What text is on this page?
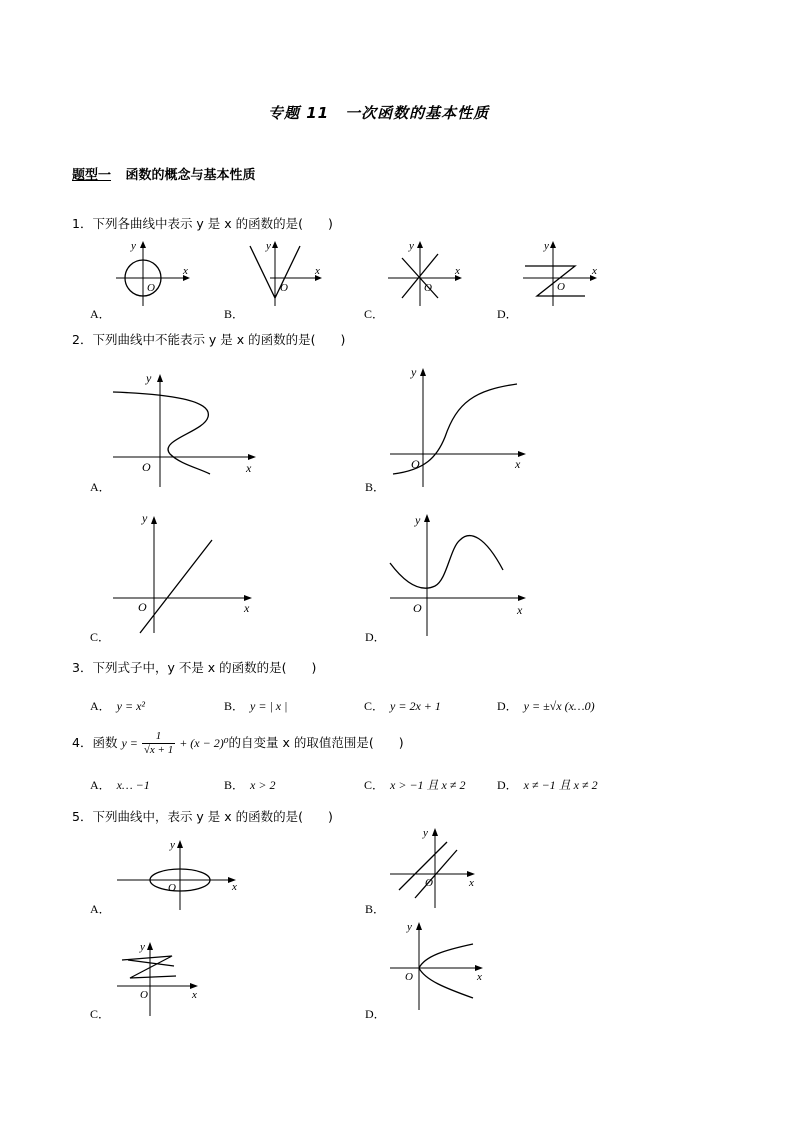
专题 11　一次函数的基本性质
题型一 函数的概念与基本性质
1．下列各曲线中表示 y 是 x 的函数的是(　　)
O
x
y
A．
O
x
y
B．
O
x
y
C．
O
x
y
D．
2．下列曲线中不能表示 y 是 x 的函数的是(　　)
O	x
y
A．
O	x
y
B．
O	x
y
C．
O	x
y
D．
3．下列式子中，y 不是 x 的函数的是(　　)
A． y = x²	B． y = | x |	C． y = 2x + 1	D． y = ±√x (x…0)
4．函数 $y = \frac{1}{√x + 1} + (x - 2)^0$的自变量 x 的取值范围是(　　)
A． x… −1	B． x > 2	C． x > −1 且 x ≠ 2	D． x ≠ −1 且 x ≠ 2
5．下列曲线中，表示 y 是 x 的函数的是(　　)
O	x
y
A．
O	x
y
B．
O	x
y
C．
O	x
y
D．
